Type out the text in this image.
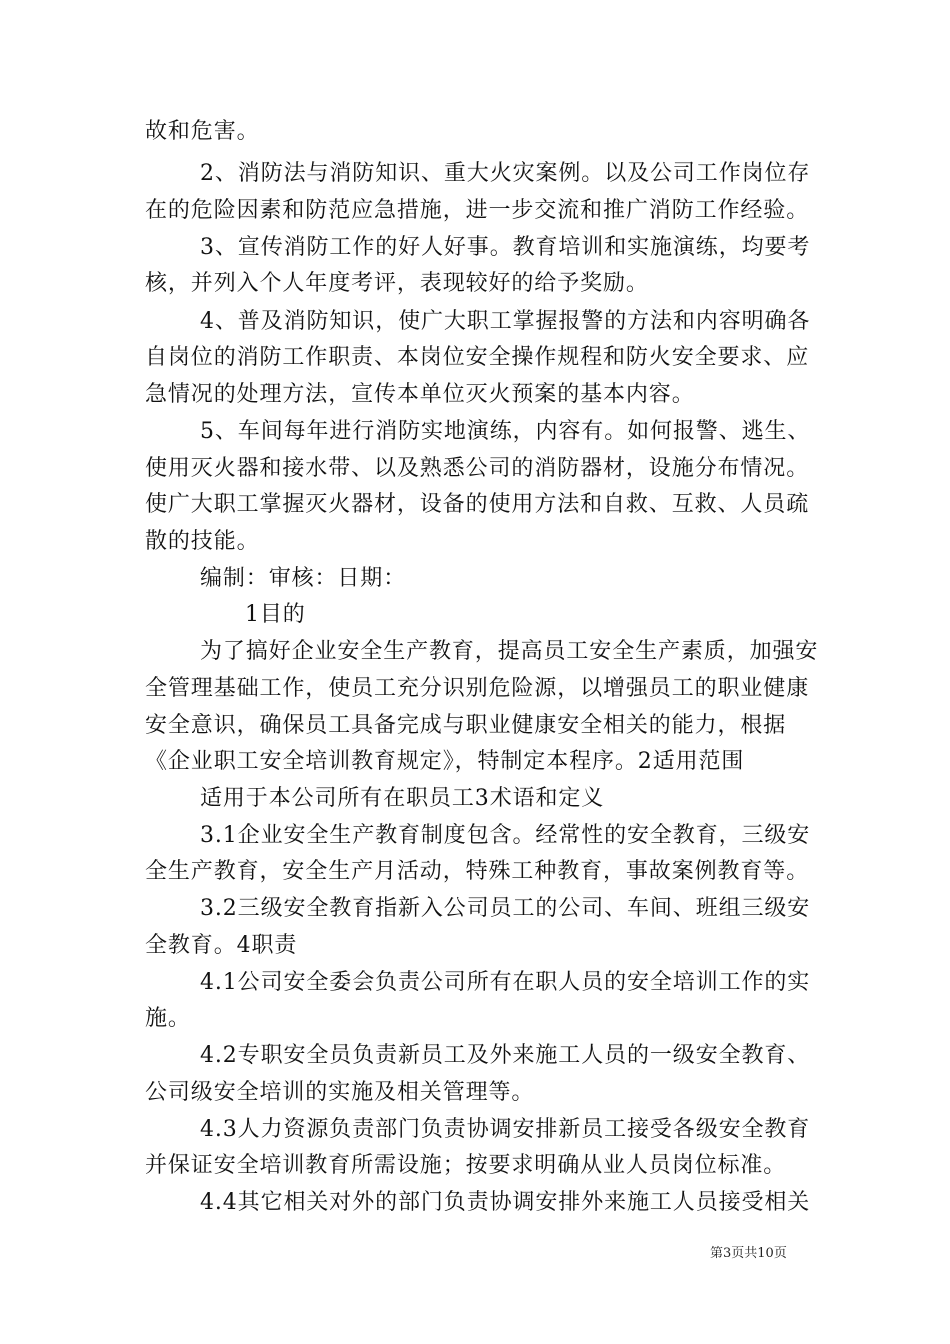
故和危害。
2、消防法与消防知识、重大火灾案例。以及公司工作岗位存
在的危险因素和防范应急措施，进一步交流和推广消防工作经验。
3、宣传消防工作的好人好事。教育培训和实施演练，均要考
核，并列入个人年度考评，表现较好的给予奖励。
4、普及消防知识，使广大职工掌握报警的方法和内容明确各
自岗位的消防工作职责、本岗位安全操作规程和防火安全要求、应
急情况的处理方法，宣传本单位灭火预案的基本内容。
5、车间每年进行消防实地演练，内容有。如何报警、逃生、
使用灭火器和接水带、以及熟悉公司的消防器材，设施分布情况。
使广大职工掌握灭火器材，设备的使用方法和自救、互救、人员疏
散的技能。
编制：审核：日期：
1目的
为了搞好企业安全生产教育，提高员工安全生产素质，加强安
全管理基础工作，使员工充分识别危险源，以增强员工的职业健康
安全意识，确保员工具备完成与职业健康安全相关的能力，根据
《企业职工安全培训教育规定》，特制定本程序。2适用范围
适用于本公司所有在职员工3术语和定义
3.1企业安全生产教育制度包含。经常性的安全教育，三级安
全生产教育，安全生产月活动，特殊工种教育，事故案例教育等。
3.2三级安全教育指新入公司员工的公司、车间、班组三级安
全教育。4职责
4.1公司安全委会负责公司所有在职人员的安全培训工作的实
施。
4.2专职安全员负责新员工及外来施工人员的一级安全教育、
公司级安全培训的实施及相关管理等。
4.3人力资源负责部门负责协调安排新员工接受各级安全教育
并保证安全培训教育所需设施；按要求明确从业人员岗位标准。
4.4其它相关对外的部门负责协调安排外来施工人员接受相关
第3页共10页
